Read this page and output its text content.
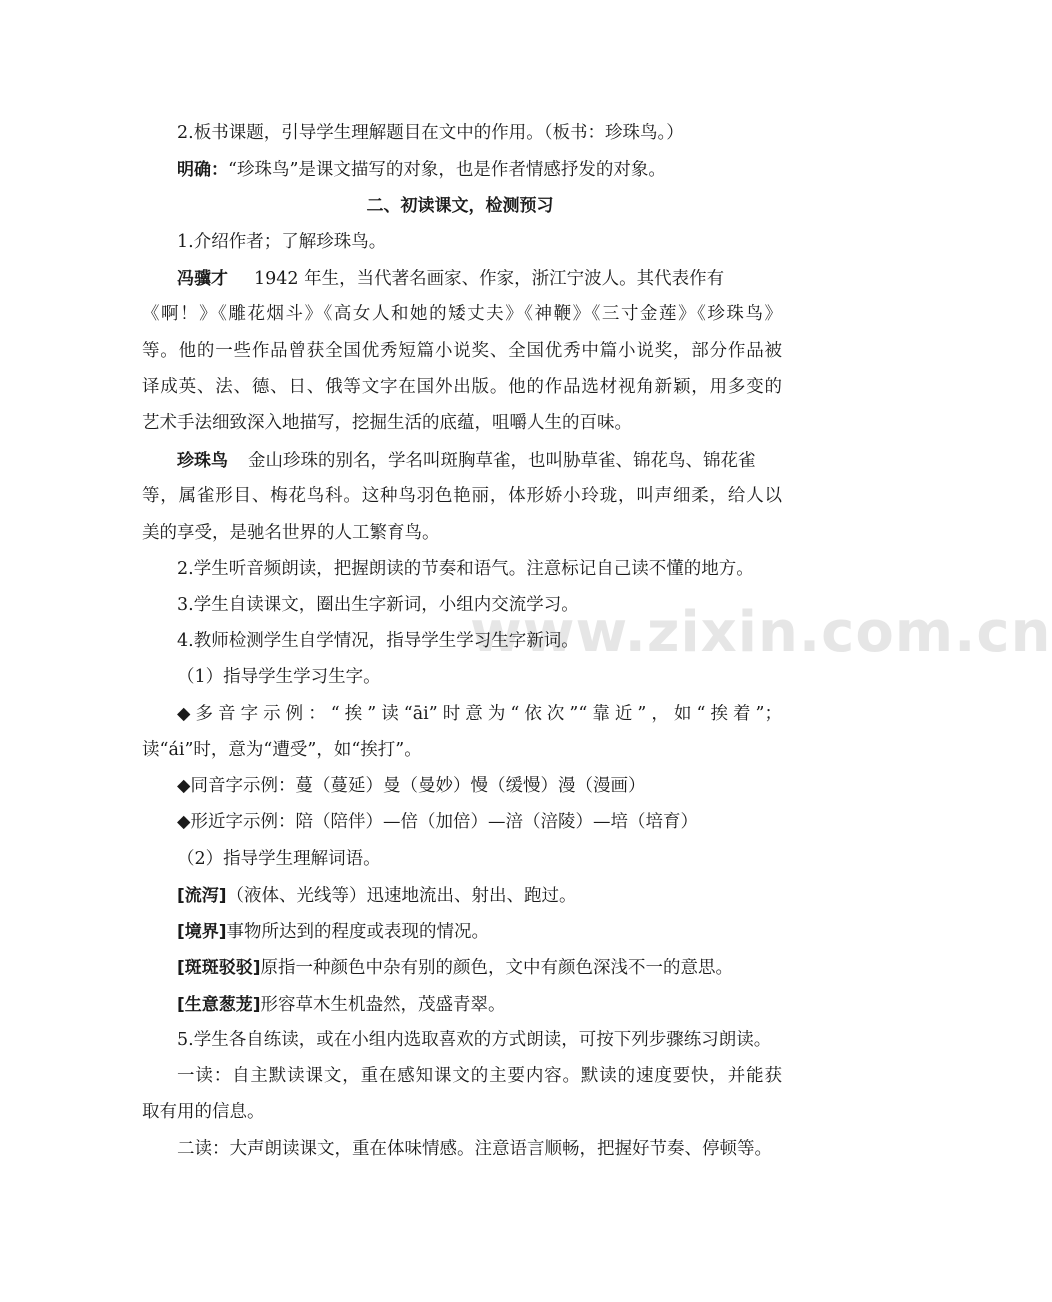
www.zixin.com.cn
2.板书课题，引导学生理解题目在文中的作用。（板书：珍珠鸟。）
明确：“珍珠鸟”是课文描写的对象，也是作者情感抒发的对象。
二、初读课文，检测预习
1.介绍作者；了解珍珠鸟。
冯骥才 1942 年生，当代著名画家、作家，浙江宁波人。其代表作有
《啊！》《雕花烟斗》《高女人和她的矮丈夫》《神鞭》《三寸金莲》《珍珠鸟》
等。他的一些作品曾获全国优秀短篇小说奖、全国优秀中篇小说奖，部分作品被
译成英、法、德、日、俄等文字在国外出版。他的作品选材视角新颖，用多变的
艺术手法细致深入地描写，挖掘生活的底蕴，咀嚼人生的百味。
珍珠鸟 金山珍珠的别名，学名叫斑胸草雀，也叫胁草雀、锦花鸟、锦花雀
等，属雀形目、梅花鸟科。这种鸟羽色艳丽，体形娇小玲珑，叫声细柔，给人以
美的享受，是驰名世界的人工繁育鸟。
2.学生听音频朗读，把握朗读的节奏和语气。注意标记自己读不懂的地方。
3.学生自读课文，圈出生字新词，小组内交流学习。
4.教师检测学生自学情况，指导学生学习生字新词。
（1）指导学生学习生字。
◆多音字示例：“挨”读“āi”时意为“依次”“靠近”，如“挨着”；
读“ái”时，意为“遭受”，如“挨打”。
◆同音字示例：蔓（蔓延）曼（曼妙）慢（缓慢）漫（漫画）
◆形近字示例：陪（陪伴）—倍（加倍）—涪（涪陵）—培（培育）
（2）指导学生理解词语。
[流泻]（液体、光线等）迅速地流出、射出、跑过。
[境界]事物所达到的程度或表现的情况。
[斑斑驳驳]原指一种颜色中杂有别的颜色，文中有颜色深浅不一的意思。
[生意葱茏]形容草木生机盎然，茂盛青翠。
5.学生各自练读，或在小组内选取喜欢的方式朗读，可按下列步骤练习朗读。
一读：自主默读课文，重在感知课文的主要内容。默读的速度要快，并能获
取有用的信息。
二读：大声朗读课文，重在体味情感。注意语言顺畅，把握好节奏、停顿等。
